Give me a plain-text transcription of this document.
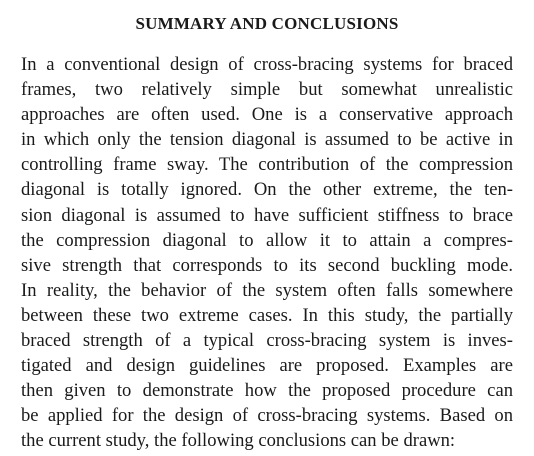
SUMMARY AND CONCLUSIONS
In a conventional design of cross-bracing systems for braced
frames, two relatively simple but somewhat unrealistic
approaches are often used. One is a conservative approach
in which only the tension diagonal is assumed to be active in
controlling frame sway. The contribution of the compression
diagonal is totally ignored. On the other extreme, the ten-
sion diagonal is assumed to have sufficient stiffness to brace
the compression diagonal to allow it to attain a compres-
sive strength that corresponds to its second buckling mode.
In reality, the behavior of the system often falls somewhere
between these two extreme cases. In this study, the partially
braced strength of a typical cross-bracing system is inves-
tigated and design guidelines are proposed. Examples are
then given to demonstrate how the proposed procedure can
be applied for the design of cross-bracing systems. Based on
the current study, the following conclusions can be drawn:
